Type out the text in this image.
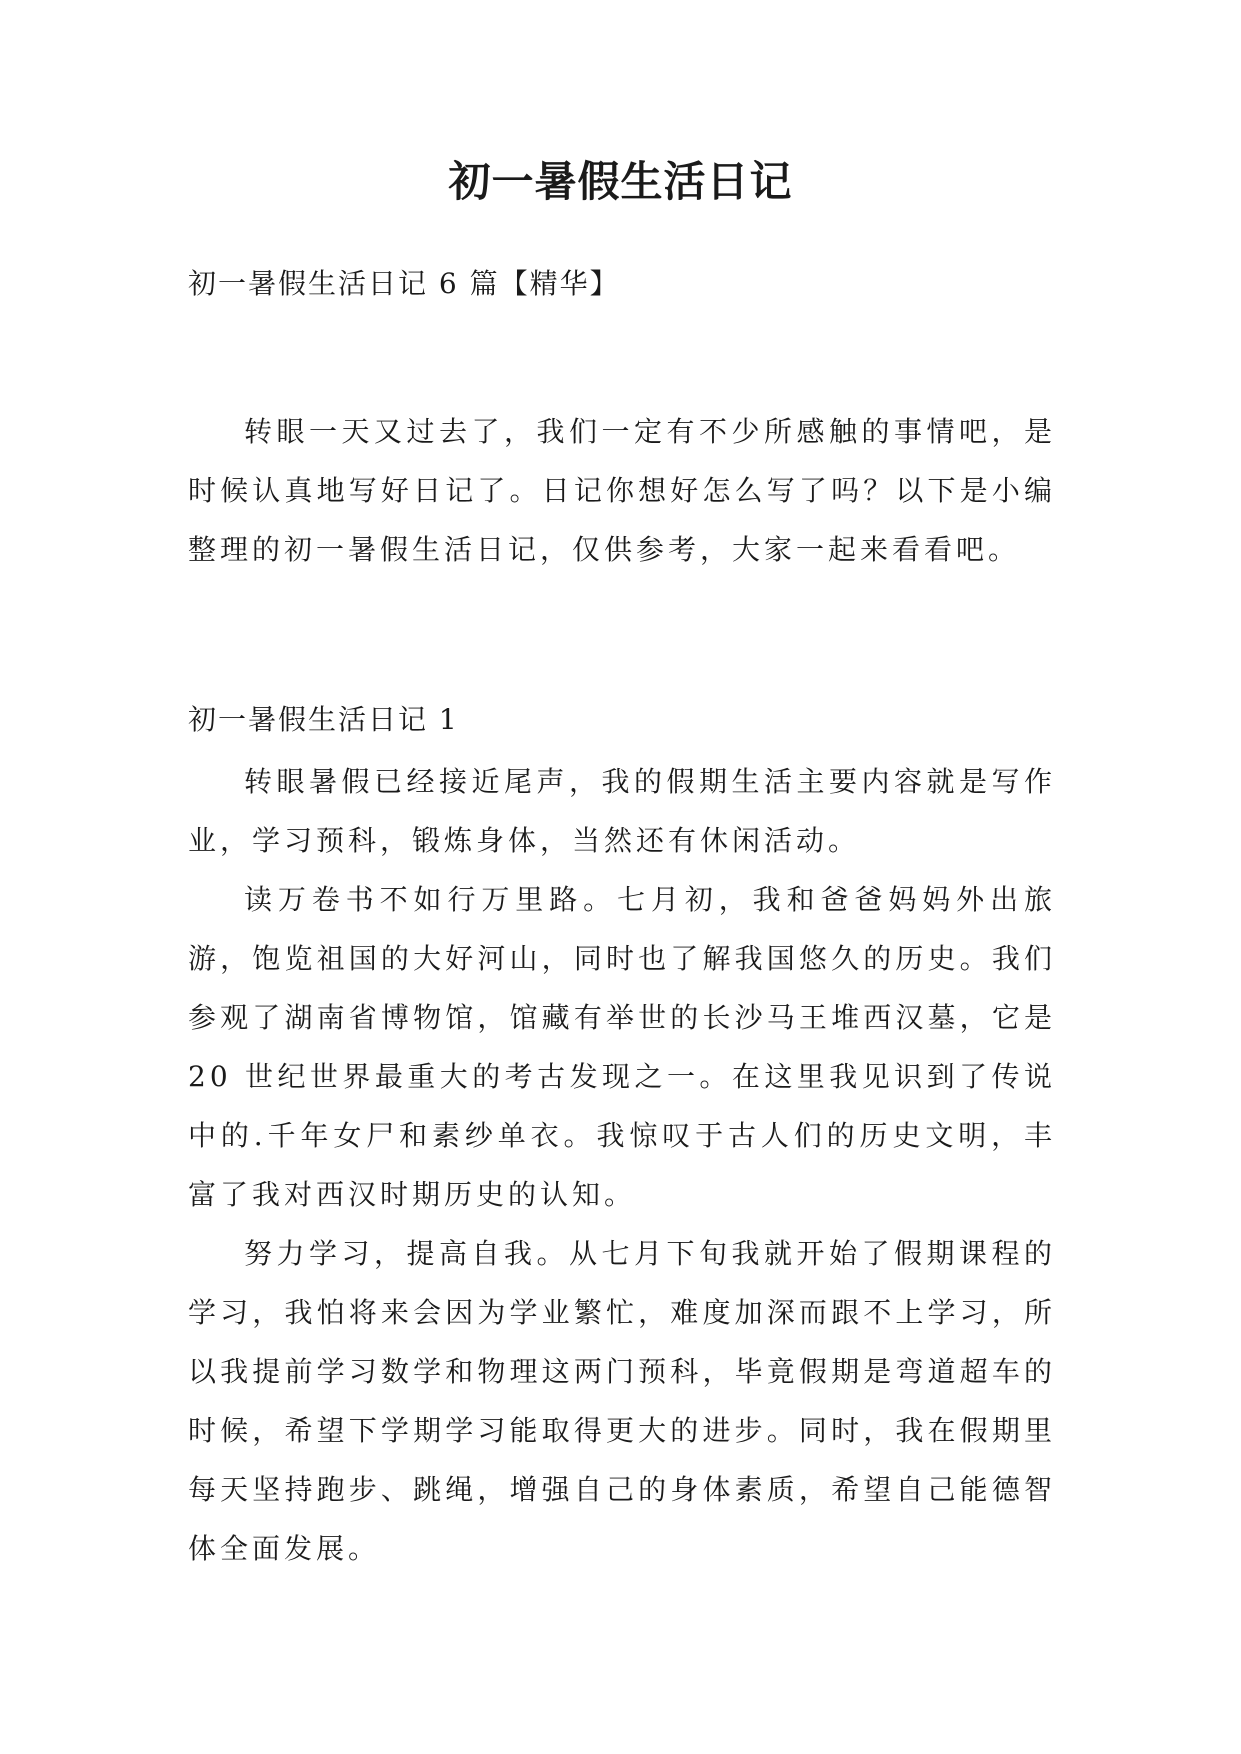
初一暑假生活日记
初一暑假生活日记 6 篇【精华】

转眼一天又过去了，我们一定有不少所感触的事情吧，是时候认真地写好日记了。日记你想好怎么写了吗？以下是小编整理的初一暑假生活日记，仅供参考，大家一起来看看吧。

初一暑假生活日记 1

转眼暑假已经接近尾声，我的假期生活主要内容就是写作业，学习预科，锻炼身体，当然还有休闲活动。

读万卷书不如行万里路。七月初，我和爸爸妈妈外出旅游，饱览祖国的大好河山，同时也了解我国悠久的历史。我们参观了湖南省博物馆，馆藏有举世的长沙马王堆西汉墓，它是 20 世纪世界最重大的考古发现之一。在这里我见识到了传说中的.千年女尸和素纱单衣。我惊叹于古人们的历史文明，丰富了我对西汉时期历史的认知。

努力学习，提高自我。从七月下旬我就开始了假期课程的学习，我怕将来会因为学业繁忙，难度加深而跟不上学习，所以我提前学习数学和物理这两门预科，毕竟假期是弯道超车的时候，希望下学期学习能取得更大的进步。同时，我在假期里每天坚持跑步、跳绳，增强自己的身体素质，希望自己能德智体全面发展。
